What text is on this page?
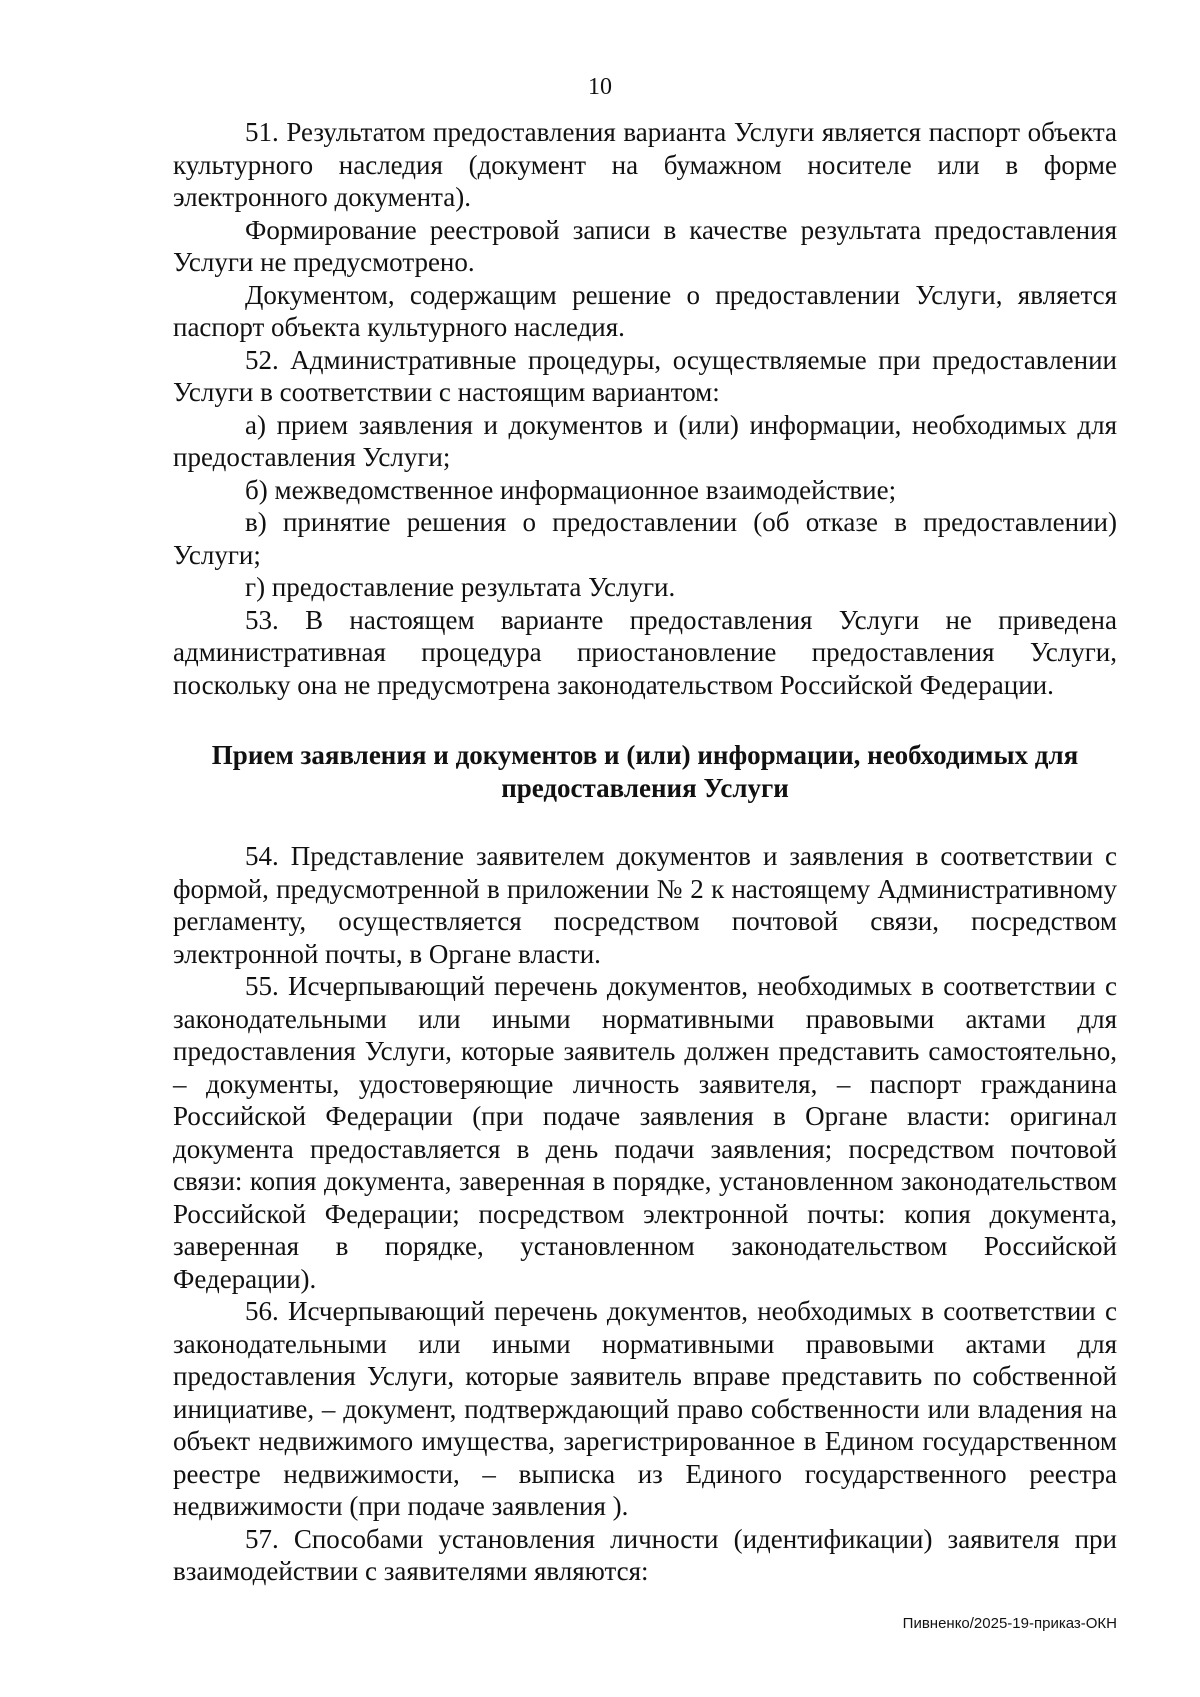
10

51. Результатом предоставления варианта Услуги является паспорт объекта культурного наследия (документ на бумажном носителе или в форме электронного документа).

Формирование реестровой записи в качестве результата предоставления Услуги не предусмотрено.

Документом, содержащим решение о предоставлении Услуги, является паспорт объекта культурного наследия.

52. Административные процедуры, осуществляемые при предоставлении Услуги в соответствии с настоящим вариантом:

а) прием заявления и документов и (или) информации, необходимых для предоставления Услуги;

б) межведомственное информационное взаимодействие;

в) принятие решения о предоставлении (об отказе в предоставлении) Услуги;

г) предоставление результата Услуги.

53. В настоящем варианте предоставления Услуги не приведена административная процедура приостановление предоставления Услуги, поскольку она не предусмотрена законодательством Российской Федерации.

Прием заявления и документов и (или) информации, необходимых для предоставления Услуги

54. Представление заявителем документов и заявления в соответствии с формой, предусмотренной в приложении № 2 к настоящему Административному регламенту, осуществляется посредством почтовой связи, посредством электронной почты, в Органе власти.

55. Исчерпывающий перечень документов, необходимых в соответствии с законодательными или иными нормативными правовыми актами для предоставления Услуги, которые заявитель должен представить самостоятельно, – документы, удостоверяющие личность заявителя, – паспорт гражданина Российской Федерации (при подаче заявления в Органе власти: оригинал документа предоставляется в день подачи заявления; посредством почтовой связи: копия документа, заверенная в порядке, установленном законодательством Российской Федерации; посредством электронной почты: копия документа, заверенная в порядке, установленном законодательством Российской Федерации).

56. Исчерпывающий перечень документов, необходимых в соответствии с законодательными или иными нормативными правовыми актами для предоставления Услуги, которые заявитель вправе представить по собственной инициативе, – документ, подтверждающий право собственности или владения на объект недвижимого имущества, зарегистрированное в Едином государственном реестре недвижимости, – выписка из Единого государственного реестра недвижимости (при подаче заявления ).

57. Способами установления личности (идентификации) заявителя при взаимодействии с заявителями являются:

Пивненко/2025-19-приказ-ОКН
